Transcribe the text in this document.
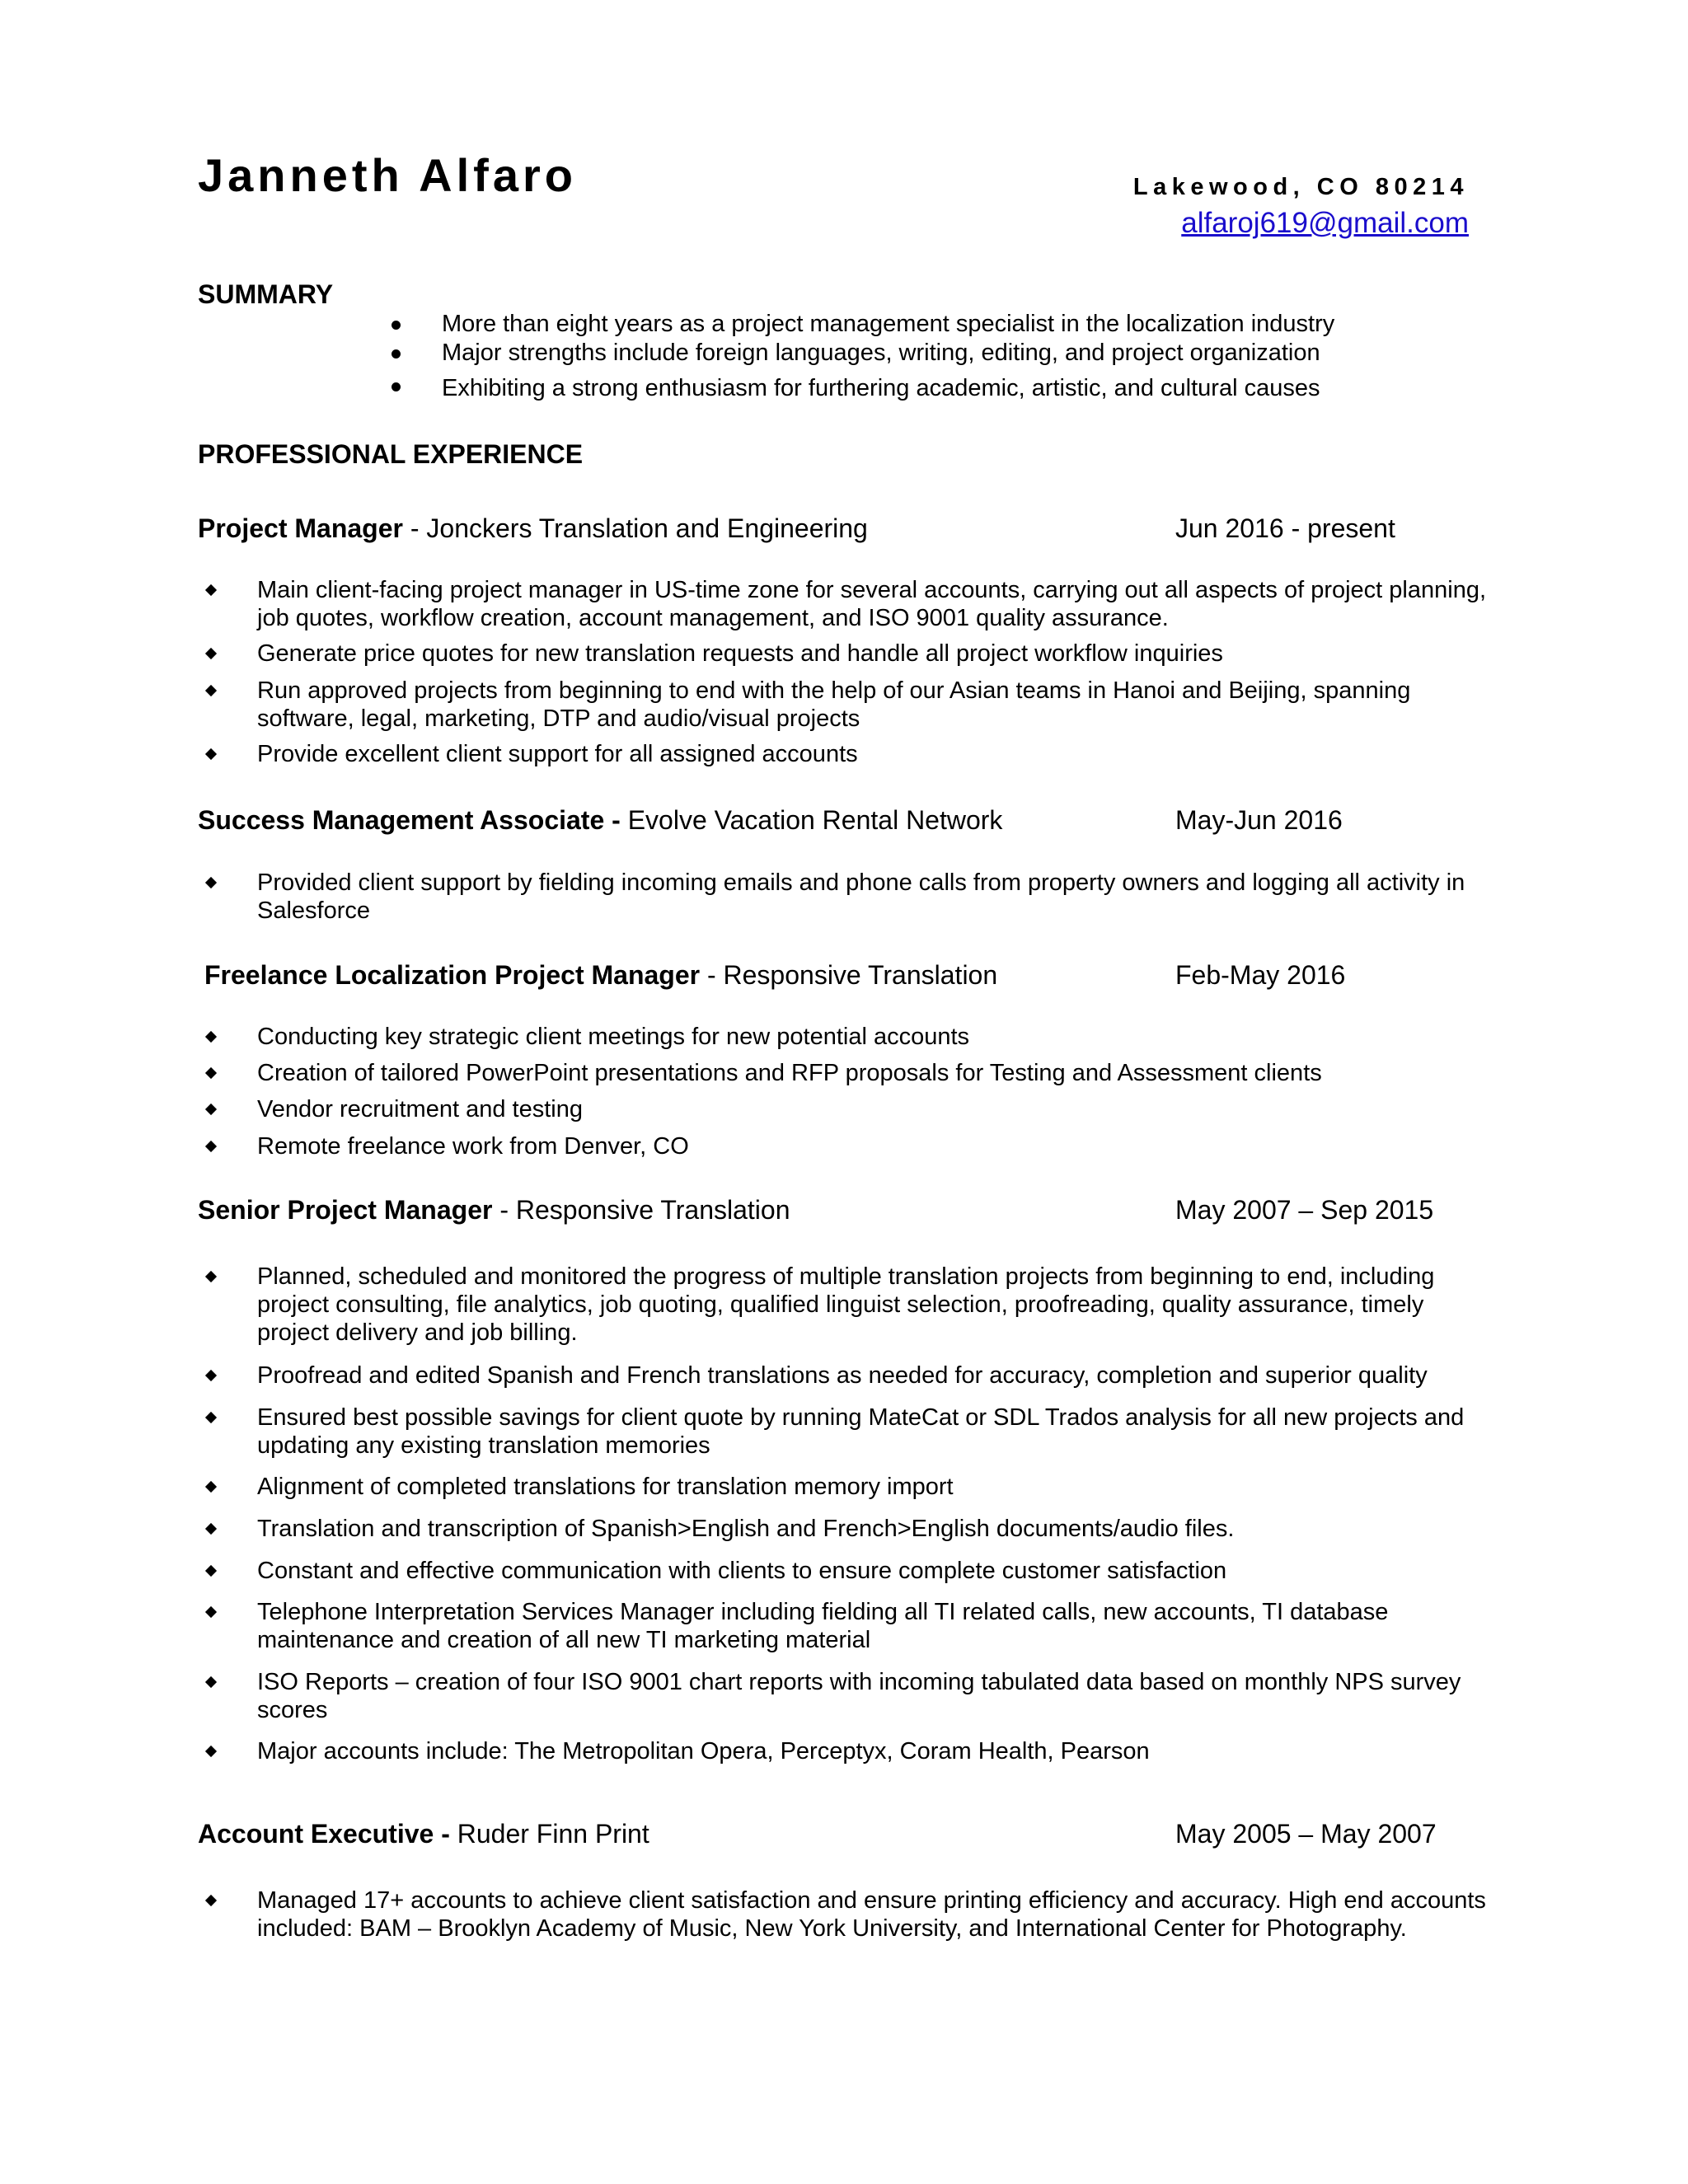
Janneth Alfaro	Lakewood, CO 80214
alfaroj619@gmail.com
SUMMARY
More than eight years as a project management specialist in the localization industry
Major strengths include foreign languages, writing, editing, and project organization
Exhibiting a strong enthusiasm for furthering academic, artistic, and cultural causes
PROFESSIONAL EXPERIENCE
Project Manager - Jonckers Translation and Engineering	Jun 2016 - present
Main client-facing project manager in US-time zone for several accounts, carrying out all aspects of project planning, job quotes, workflow creation, account management, and ISO 9001 quality assurance.
Generate price quotes for new translation requests and handle all project workflow inquiries
Run approved projects from beginning to end with the help of our Asian teams in Hanoi and Beijing, spanning software, legal, marketing, DTP and audio/visual projects
Provide excellent client support for all assigned accounts
Success Management Associate - Evolve Vacation Rental Network	May-Jun 2016
Provided client support by fielding incoming emails and phone calls from property owners and logging all activity in Salesforce
Freelance Localization Project Manager - Responsive Translation	Feb-May 2016
Conducting key strategic client meetings for new potential accounts
Creation of tailored PowerPoint presentations and RFP proposals for Testing and Assessment clients
Vendor recruitment and testing
Remote freelance work from Denver, CO
Senior Project Manager - Responsive Translation	May 2007 – Sep 2015
Planned, scheduled and monitored the progress of multiple translation projects from beginning to end, including project consulting, file analytics, job quoting, qualified linguist selection, proofreading, quality assurance, timely project delivery and job billing.
Proofread and edited Spanish and French translations as needed for accuracy, completion and superior quality
Ensured best possible savings for client quote by running MateCat or SDL Trados analysis for all new projects and updating any existing translation memories
Alignment of completed translations for translation memory import
Translation and transcription of Spanish>English and French>English documents/audio files.
Constant and effective communication with clients to ensure complete customer satisfaction
Telephone Interpretation Services Manager including fielding all TI related calls, new accounts, TI database maintenance and creation of all new TI marketing material
ISO Reports – creation of four ISO 9001 chart reports with incoming tabulated data based on monthly NPS survey scores
Major accounts include: The Metropolitan Opera, Perceptyx, Coram Health, Pearson
Account Executive - Ruder Finn Print	May 2005 – May 2007
Managed 17+ accounts to achieve client satisfaction and ensure printing efficiency and accuracy. High end accounts included: BAM – Brooklyn Academy of Music, New York University, and International Center for Photography.
